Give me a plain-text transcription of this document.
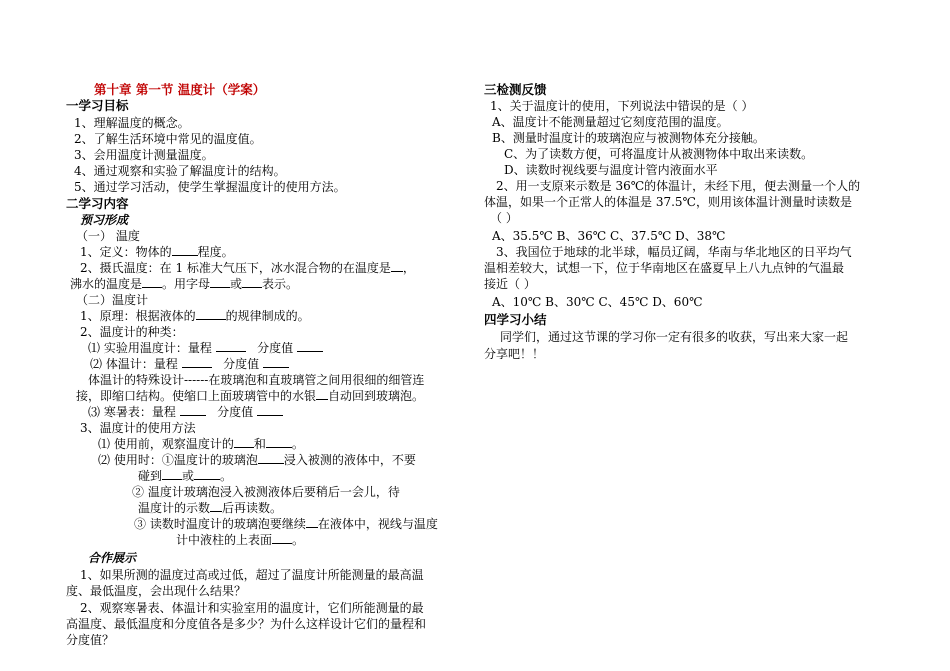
第十章 第一节 温度计（学案）
一学习目标
1、理解温度的概念。
2、了解生活环境中常见的温度值。
3、会用温度计测量温度。
4、通过观察和实验了解温度计的结构。
5、通过学习活动，使学生掌握温度计的使用方法。
二学习内容
预习形成
（一） 温度
1、定义：物体的 程度。
2、摄氏温度：在 1 标准大气压下，冰水混合物的在温度是 ，
沸水的温度是 。用字母 或 表示。
（二）温度计
1、原理：根据液体的	的规律制成的。
2、温度计的种类：
⑴ 实验用温度计：量程	分度值
⑵ 体温计：量程	分度值
体温计的特殊设计------在玻璃泡和直玻璃管之间用很细的细管连
接，即缩口结构。使缩口上面玻璃管中的水银 自动回到玻璃泡。
⑶ 寒暑表：量程	分度值
3、温度计的使用方法
⑴ 使用前，观察温度计的 和 。
⑵ 使用时：①温度计的玻璃泡 浸入被测的液体中，不要
碰到 或 。
② 温度计玻璃泡浸入被测液体后要稍后一会儿，待
温度计的示数 后再读数。
③ 读数时温度计的玻璃泡要继续 在液体中，视线与温度
计中液柱的上表面 。
合作展示
1、如果所测的温度过高或过低，超过了温度计所能测量的最高温
度、最低温度，会出现什么结果？
2、观察寒暑表、体温计和实验室用的温度计，它们所能测量的最
高温度、最低温度和分度值各是多少？为什么这样设计它们的量程和
分度值？
三检测反馈
1、关于温度计的使用，下列说法中错误的是（ ）
A、温度计不能测量超过它刻度范围的温度。
B、测量时温度计的玻璃泡应与被测物体充分接触。
C、为了读数方便，可将温度计从被测物体中取出来读数。
D、读数时视线要与温度计管内液面水平
2、用一支原来示数是 36℃的体温计，未经下甩，便去测量一个人的
体温，如果一个正常人的体温是 37.5℃，则用该体温计测量时读数是
（ ）
A、35.5℃ B、36℃ C、37.5℃ D、38℃
3、我国位于地球的北半球，幅员辽阔，华南与华北地区的日平均气
温相差较大，试想一下，位于华南地区在盛夏早上八九点钟的气温最
接近（ ）
A、10℃ B、30℃ C、45℃ D、60℃
四学习小结
同学们，通过这节课的学习你一定有很多的收获，写出来大家一起
分享吧！！
